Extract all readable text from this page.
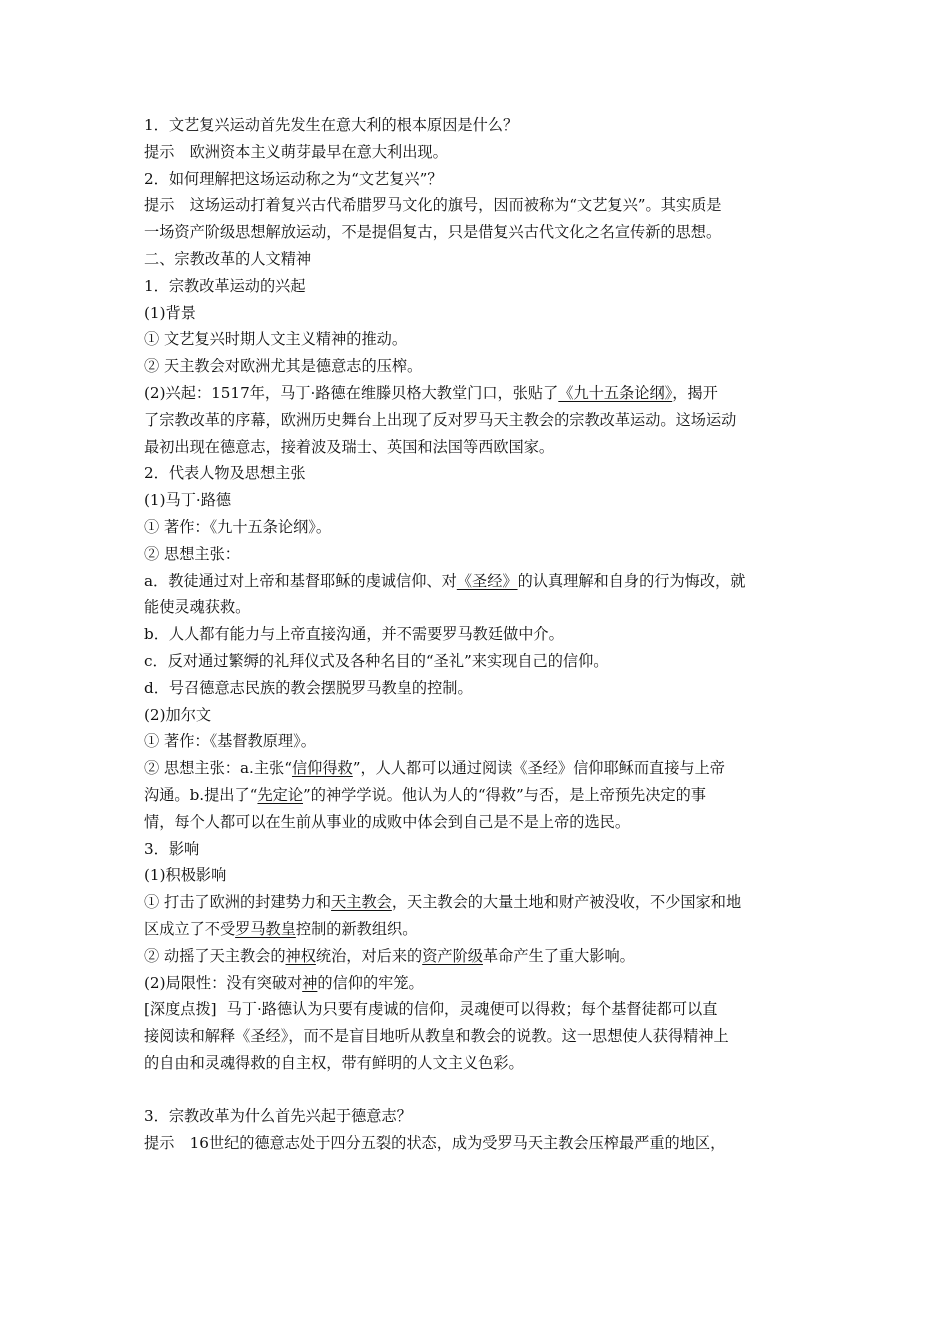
1．文艺复兴运动首先发生在意大利的根本原因是什么？
提示　 欧洲资本主义萌芽最早在意大利出现。
2．如何理解把这场运动称之为“文艺复兴”？
提示　 这场运动打着复兴古代希腊罗马文化的旗号，因而被称为“文艺复兴”。其实质是
一场资产阶级思想解放运动，不是提倡复古，只是借复兴古代文化之名宣传新的思想。
二、宗教改革的人文精神
1．宗教改革运动的兴起
(1)背景
① 文艺复兴时期人文主义精神的推动。
② 天主教会对欧洲尤其是德意志的压榨。
(2)兴起：1517年，马丁·路德在维滕贝格大教堂门口，张贴了《九十五条论纲》，揭开
了宗教改革的序幕，欧洲历史舞台上出现了反对罗马天主教会的宗教改革运动。这场运动
最初出现在德意志，接着波及瑞士、英国和法国等西欧国家。
2．代表人物及思想主张
(1)马丁·路德
① 著作：《九十五条论纲》。
② 思想主张：
a．教徒通过对上帝和基督耶稣的虔诚信仰、对《圣经》的认真理解和自身的行为悔改，就
能使灵魂获救。
b．人人都有能力与上帝直接沟通，并不需要罗马教廷做中介。
c．反对通过繁缛的礼拜仪式及各种名目的“圣礼”来实现自己的信仰。
d．号召德意志民族的教会摆脱罗马教皇的控制。
(2)加尔文
① 著作：《基督教原理》。
② 思想主张：a.主张“信仰得救”，人人都可以通过阅读《圣经》信仰耶稣而直接与上帝
沟通。b.提出了“先定论”的神学学说。他认为人的“得救”与否，是上帝预先决定的事
情，每个人都可以在生前从事业的成败中体会到自己是不是上帝的选民。
3．影响
(1)积极影响
① 打击了欧洲的封建势力和天主教会，天主教会的大量土地和财产被没收，不少国家和地
区成立了不受罗马教皇控制的新教组织。
② 动摇了天主教会的神权统治，对后来的资产阶级革命产生了重大影响。
(2)局限性：没有突破对神的信仰的牢笼。
[深度点拨] 马丁·路德认为只要有虔诚的信仰，灵魂便可以得救；每个基督徒都可以直
接阅读和解释《圣经》，而不是盲目地听从教皇和教会的说教。这一思想使人获得精神上
的自由和灵魂得救的自主权，带有鲜明的人文主义色彩。
3．宗教改革为什么首先兴起于德意志？
提示　 16世纪的德意志处于四分五裂的状态，成为受罗马天主教会压榨最严重的地区，
